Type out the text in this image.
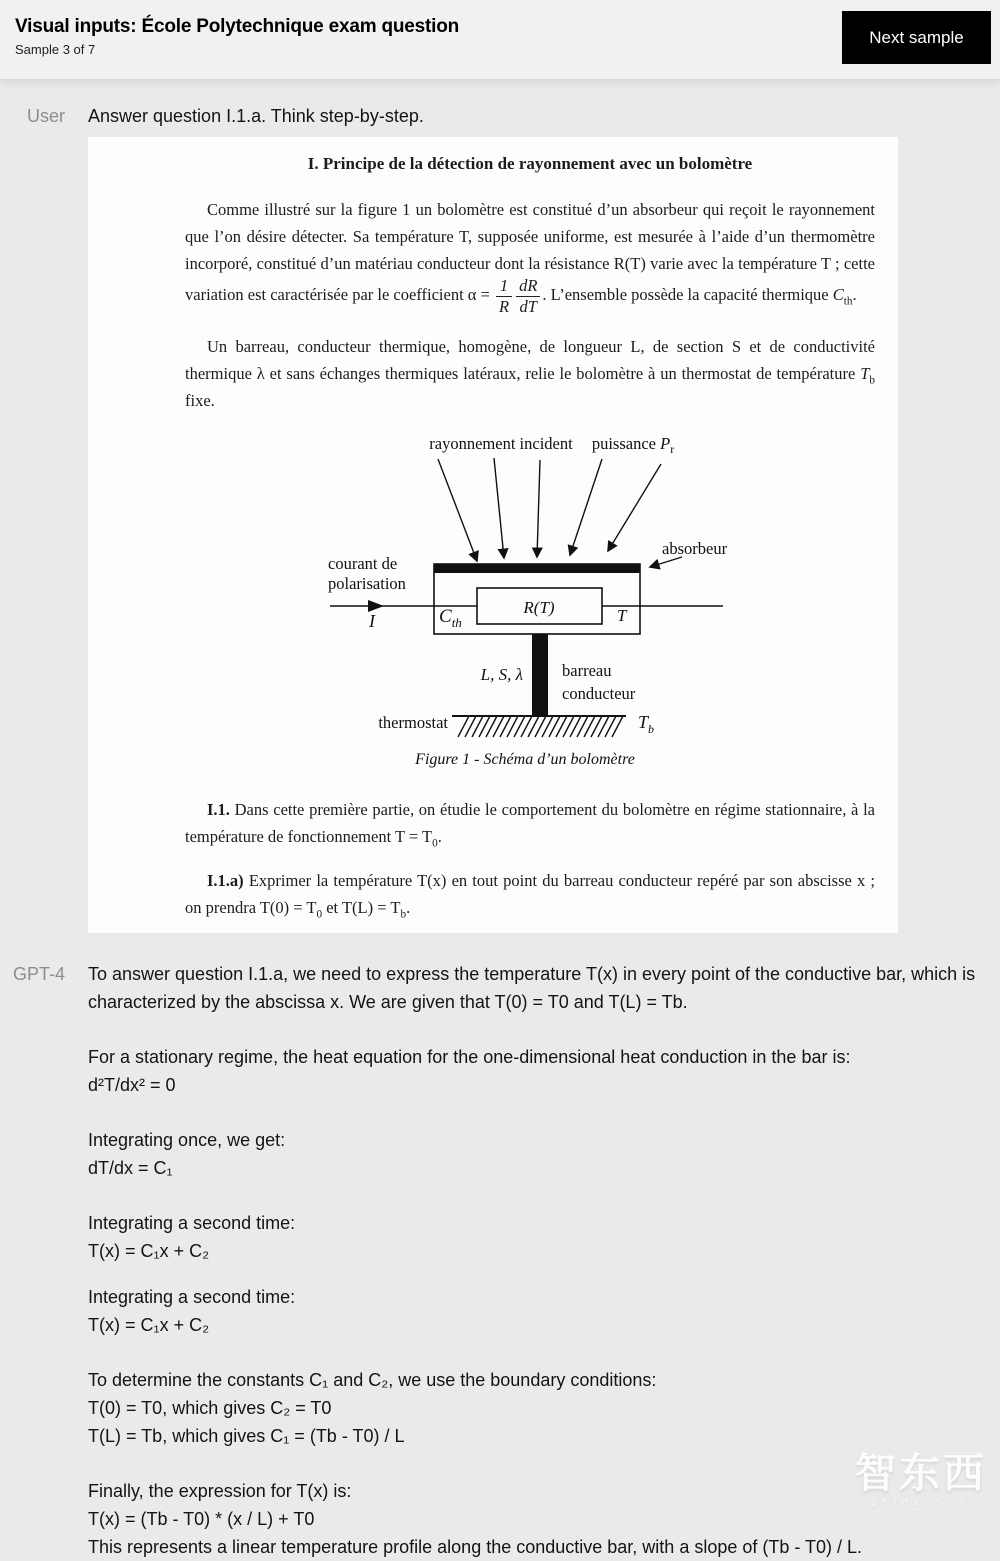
Visual inputs: École Polytechnique exam question
Sample 3 of 7
Next sample
User Answer question I.1.a. Think step-by-step.

I. Principe de la détection de rayonnement avec un bolomètre

Comme illustré sur la figure 1 un bolomètre est constitué d’un absorbeur qui reçoit le rayonnement que l’on désire détecter. Sa température T, supposée uniforme, est mesurée à l’aide d’un thermomètre incorporé, constitué d’un matériau conducteur dont la résistance R(T) varie avec la température T ; cette variation est caractérisée par le coefficient $\alpha = \frac{1}{R} \frac{dR}{dT}$ . L’ensemble possède la capacité thermique $C_{th}$.

Un barreau, conducteur thermique, homogène, de longueur L, de section S et de conductivité thermique λ et sans échanges thermiques latéraux, relie le bolomètre à un thermostat de température $T_b$ fixe.

rayonnement incident puissance $P_r$
absorbeur
R(T)
$C_{th}$	T
courant de
polarisation
I
L, S, λ barreau
conducteur
thermostat	$T_b$
Figure 1 - Schéma d’un bolomètre

I.1. Dans cette première partie, on étudie le comportement du bolomètre en régime stationnaire, à la température de fonctionnement $T = T_0$.

I.1.a) Exprimer la température T(x) en tout point du barreau conducteur repéré par son abscisse x ; on prendra $T(0) = T_0$ et $T(L) = T_b$.

GPT-4 To answer question I.1.a, we need to express the temperature T(x) in every point of the conductive bar, which is
characterized by the abscissa x. We are given that T(0) = T0 and T(L) = Tb.
For a stationary regime, the heat equation for the one-dimensional heat conduction in the bar is:
d²T/dx² = 0
Integrating once, we get:
dT/dx = C₁
Integrating a second time:
T(x) = C₁x + C₂
Integrating a second time:
T(x) = C₁x + C₂
To determine the constants C₁ and C₂, we use the boundary conditions:
T(0) = T0, which gives C₂ = T0
T(L) = Tb, which gives C₁ = (Tb - T0) / L
Finally, the expression for T(x) is:
T(x) = (Tb - T0) * (x / L) + T0
This represents a linear temperature profile along the conductive bar, with a slope of (Tb - T0) / L.
智东西
zhidx.com
